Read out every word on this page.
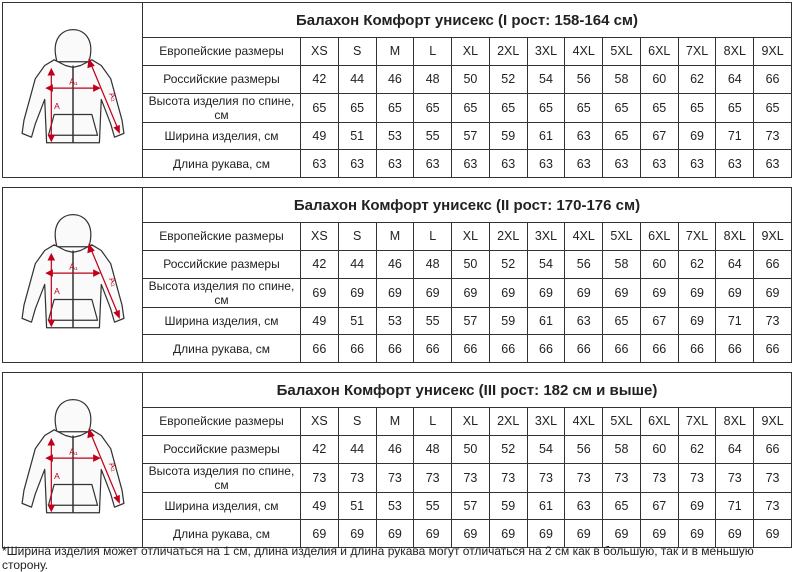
A
A₁
A₂
Балахон Комфорт унисекс (I рост: 158-164 см)
Европейские размеры	XS	S	M	L	XL	2XL	3XL	4XL	5XL	6XL	7XL	8XL	9XL
Российские размеры	42	44	46	48	50	52	54	56	58	60	62	64	66
Высота изделия по спине, см	65	65	65	65	65	65	65	65	65	65	65	65	65
Ширина изделия, см	49	51	53	55	57	59	61	63	65	67	69	71	73
Длина рукава, см	63	63	63	63	63	63	63	63	63	63	63	63	63
A
A₁
A₂
Балахон Комфорт унисекс (II рост: 170-176 см)
Европейские размеры	XS	S	M	L	XL	2XL	3XL	4XL	5XL	6XL	7XL	8XL	9XL
Российские размеры	42	44	46	48	50	52	54	56	58	60	62	64	66
Высота изделия по спине, см	69	69	69	69	69	69	69	69	69	69	69	69	69
Ширина изделия, см	49	51	53	55	57	59	61	63	65	67	69	71	73
Длина рукава, см	66	66	66	66	66	66	66	66	66	66	66	66	66
A
A₁
A₂
Балахон Комфорт унисекс (III рост: 182 см и выше)
Европейские размеры	XS	S	M	L	XL	2XL	3XL	4XL	5XL	6XL	7XL	8XL	9XL
Российские размеры	42	44	46	48	50	52	54	56	58	60	62	64	66
Высота изделия по спине, см	73	73	73	73	73	73	73	73	73	73	73	73	73
Ширина изделия, см	49	51	53	55	57	59	61	63	65	67	69	71	73
Длина рукава, см	69	69	69	69	69	69	69	69	69	69	69	69	69
*Ширина изделия может отличаться на 1 см, длина изделия и длина рукава могут отличаться на 2 см как в большую, так и в меньшую сторону.
